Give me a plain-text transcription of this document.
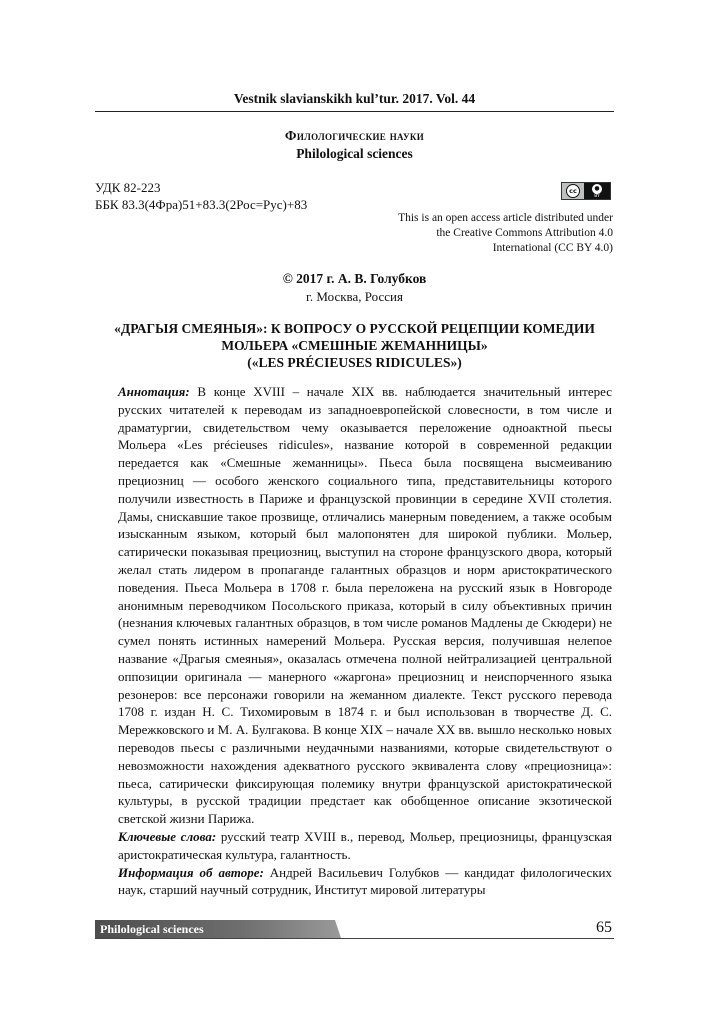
Vestnik slavianskikh kul’tur. 2017. Vol. 44
Филологические науки
Philological sciences
УДК 82-223
ББК 83.3(4Фра)51+83.3(2Рос=Рус)+83
cc	●
BY
This is an open access article distributed under
the Creative Commons Attribution 4.0
International (CC BY 4.0)
© 2017 г. А. В. Голубков
г. Москва, Россия
«ДРАГЫЯ СМЕЯНЫЯ»: К ВОПРОСУ О РУССКОЙ РЕЦЕПЦИИ КОМЕДИИ
МОЛЬЕРА «СМЕШНЫЕ ЖЕМАННИЦЫ»
(«LES PRÉCIEUSES RIDICULES»)

Аннотация: В конце XVIII – начале XIX вв. наблюдается значительный интерес русских читателей к переводам из западноевропейской словесности, в том числе и драматургии, свидетельством чему оказывается переложение одноактной пьесы Мольера «Les précieuses ridicules», название которой в современной редакции передается как «Смешные жеманницы». Пьеса была посвящена высмеиванию прециозниц — особого женского социального типа, представительницы которого получили известность в Париже и французской провинции в середине XVII столетия. Дамы, снискавшие такое прозвище, отличались манерным поведением, а также особым изысканным языком, который был малопонятен для широкой публики. Мольер, сатирически показывая прециозниц, выступил на стороне французского двора, который желал стать лидером в пропаганде галантных образцов и норм аристократического поведения. Пьеса Мольера в 1708 г. была переложена на русский язык в Новгороде анонимным переводчиком Посольского приказа, который в силу объективных причин (незнания ключевых галантных образцов, в том числе романов Мадлены де Скюдери) не сумел понять истинных намерений Мольера. Русская версия, получившая нелепое название «Драгыя смеяныя», оказалась отмечена полной нейтрализацией центральной оппозиции оригинала — манерного «жаргона» прециозниц и неиспорченного языка резонеров: все персонажи говорили на жеманном диалекте. Текст русского перевода 1708 г. издан Н. С. Тихомировым в 1874 г. и был использован в творчестве Д. С. Мережковского и М. А. Булгакова. В конце XIX – начале XX вв. вышло несколько новых переводов пьесы с различными неудачными названиями, которые свидетельствуют о невозможности нахождения адекватного русского эквивалента слову «прециозница»: пьеса, сатирически фиксирующая полемику внутри французской аристократической культуры, в русской традиции предстает как обобщенное описание экзотической светской жизни Парижа.

Ключевые слова: русский театр XVIII в., перевод, Мольер, прециозницы, французская аристократическая культура, галантность.

Информация об авторе: Андрей Васильевич Голубков — кандидат филологических наук, старший научный сотрудник, Институт мировой литературы

Philological sciences	65
